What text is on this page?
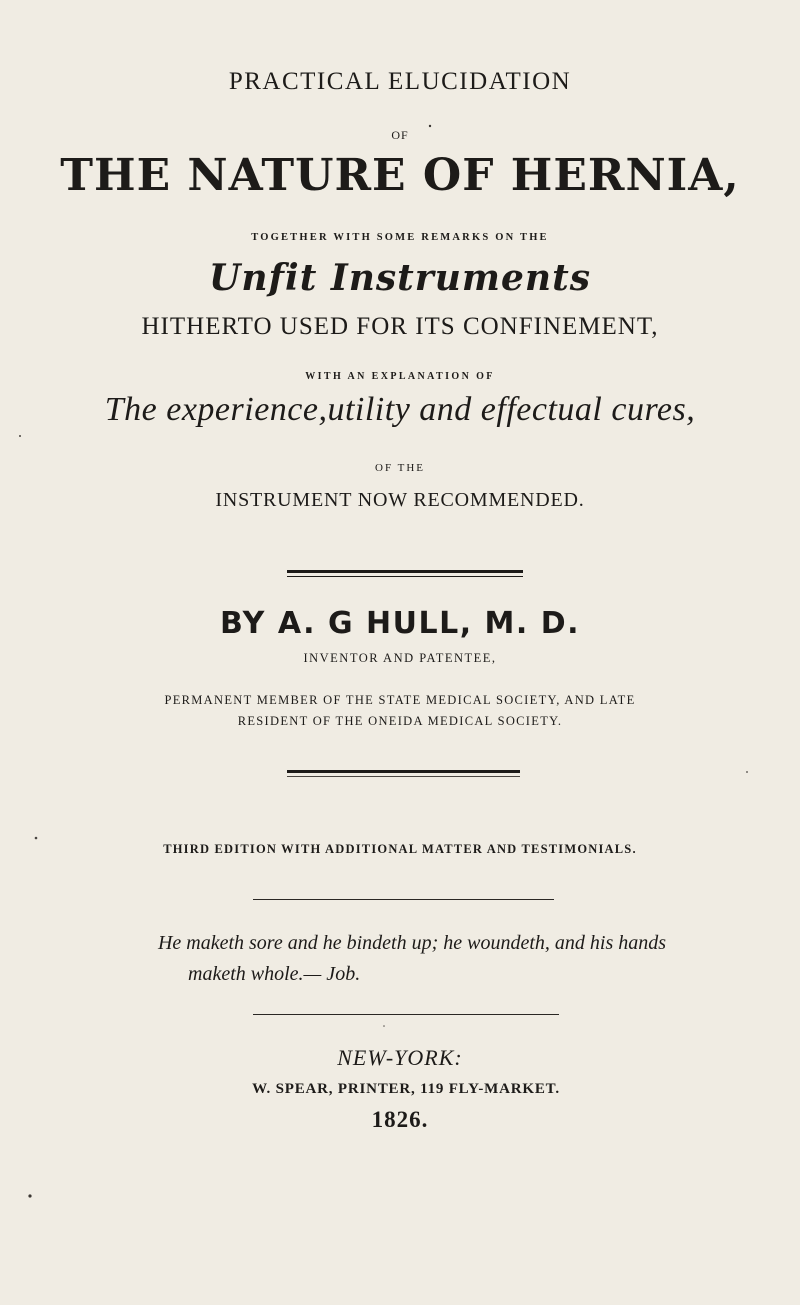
PRACTICAL ELUCIDATION
OF
THE NATURE OF HERNIA,
TOGETHER WITH SOME REMARKS ON THE
Unfit Instruments
HITHERTO USED FOR ITS CONFINEMENT,
WITH AN EXPLANATION OF
The experience,utility and effectual cures,
OF THE
INSTRUMENT NOW RECOMMENDED.
BY A. G HULL, M. D.
INVENTOR AND PATENTEE,
PERMANENT MEMBER OF THE STATE MEDICAL SOCIETY, AND LATE
RESIDENT OF THE ONEIDA MEDICAL SOCIETY.
THIRD EDITION WITH ADDITIONAL MATTER AND TESTIMONIALS.
He maketh sore and he bindeth up; he woundeth, and his hands
maketh whole.— Job.
NEW-YORK:
W. SPEAR, PRINTER, 119 FLY-MARKET.
1826.
